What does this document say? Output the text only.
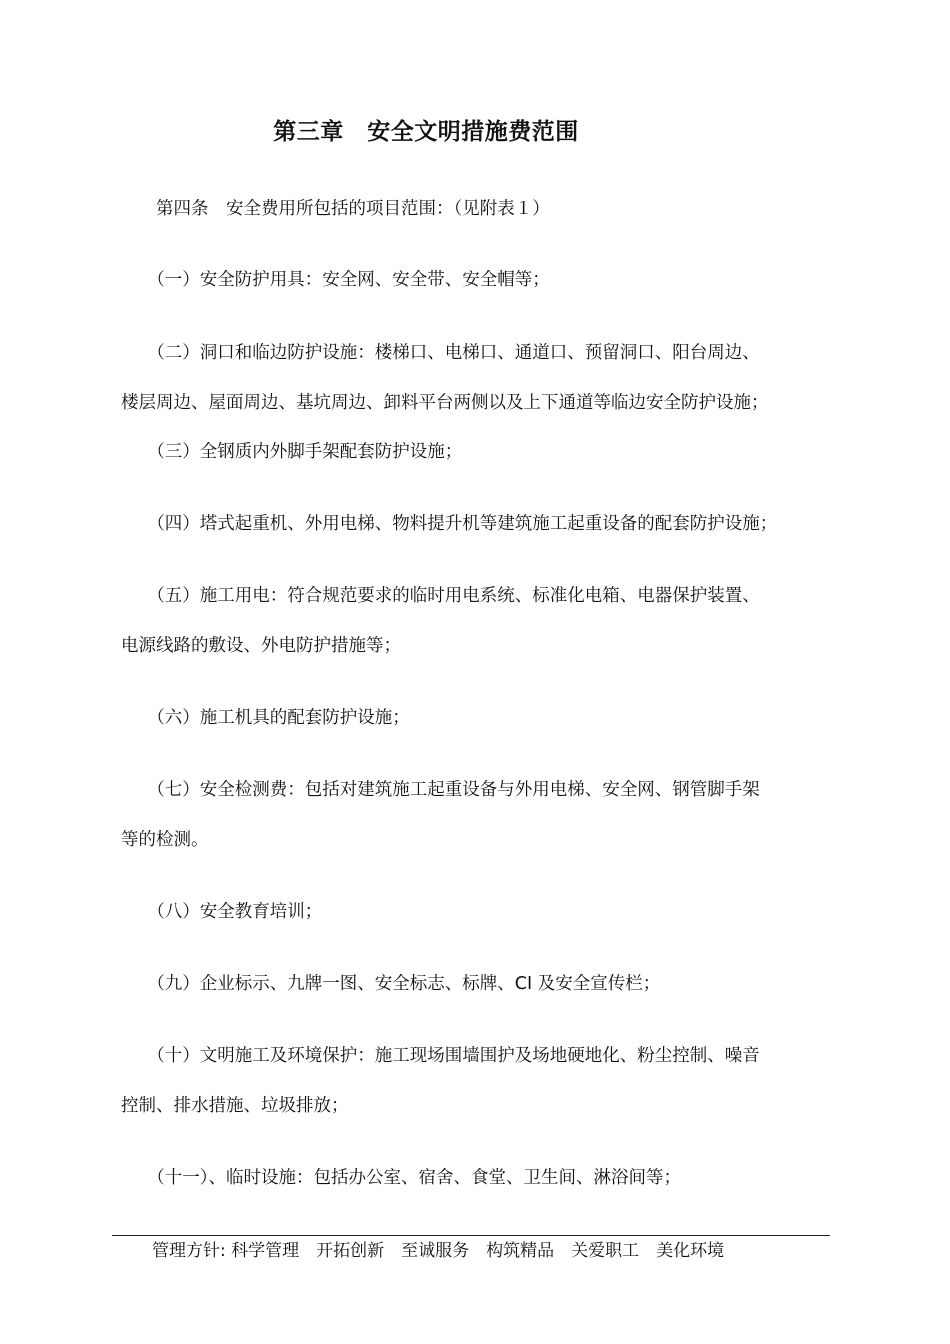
第三章　安全文明措施费范围
　　第四条　安全费用所包括的项目范围：（见附表１）
　　（一）安全防护用具：安全网、安全带、安全帽等；
　　（二）洞口和临边防护设施：楼梯口、电梯口、通道口、预留洞口、阳台周边、
楼层周边、屋面周边、基坑周边、卸料平台两侧以及上下通道等临边安全防护设施；
　　（三）全钢质内外脚手架配套防护设施；
　　（四）塔式起重机、外用电梯、物料提升机等建筑施工起重设备的配套防护设施；
　　（五）施工用电：符合规范要求的临时用电系统、标准化电箱、电器保护装置、
电源线路的敷设、外电防护措施等；
　　（六）施工机具的配套防护设施；
　　（七）安全检测费：包括对建筑施工起重设备与外用电梯、安全网、钢管脚手架
等的检测。
　　（八）安全教育培训；
　　（九）企业标示、九牌一图、安全标志、标牌、CI 及安全宣传栏；
　　（十）文明施工及环境保护：施工现场围墙围护及场地硬地化、粉尘控制、噪音
控制、排水措施、垃圾排放；
　　（十一）、临时设施：包括办公室、宿舍、食堂、卫生间、淋浴间等；
管理方针: 科学管理　开拓创新　至诚服务　构筑精品　关爱职工　美化环境
